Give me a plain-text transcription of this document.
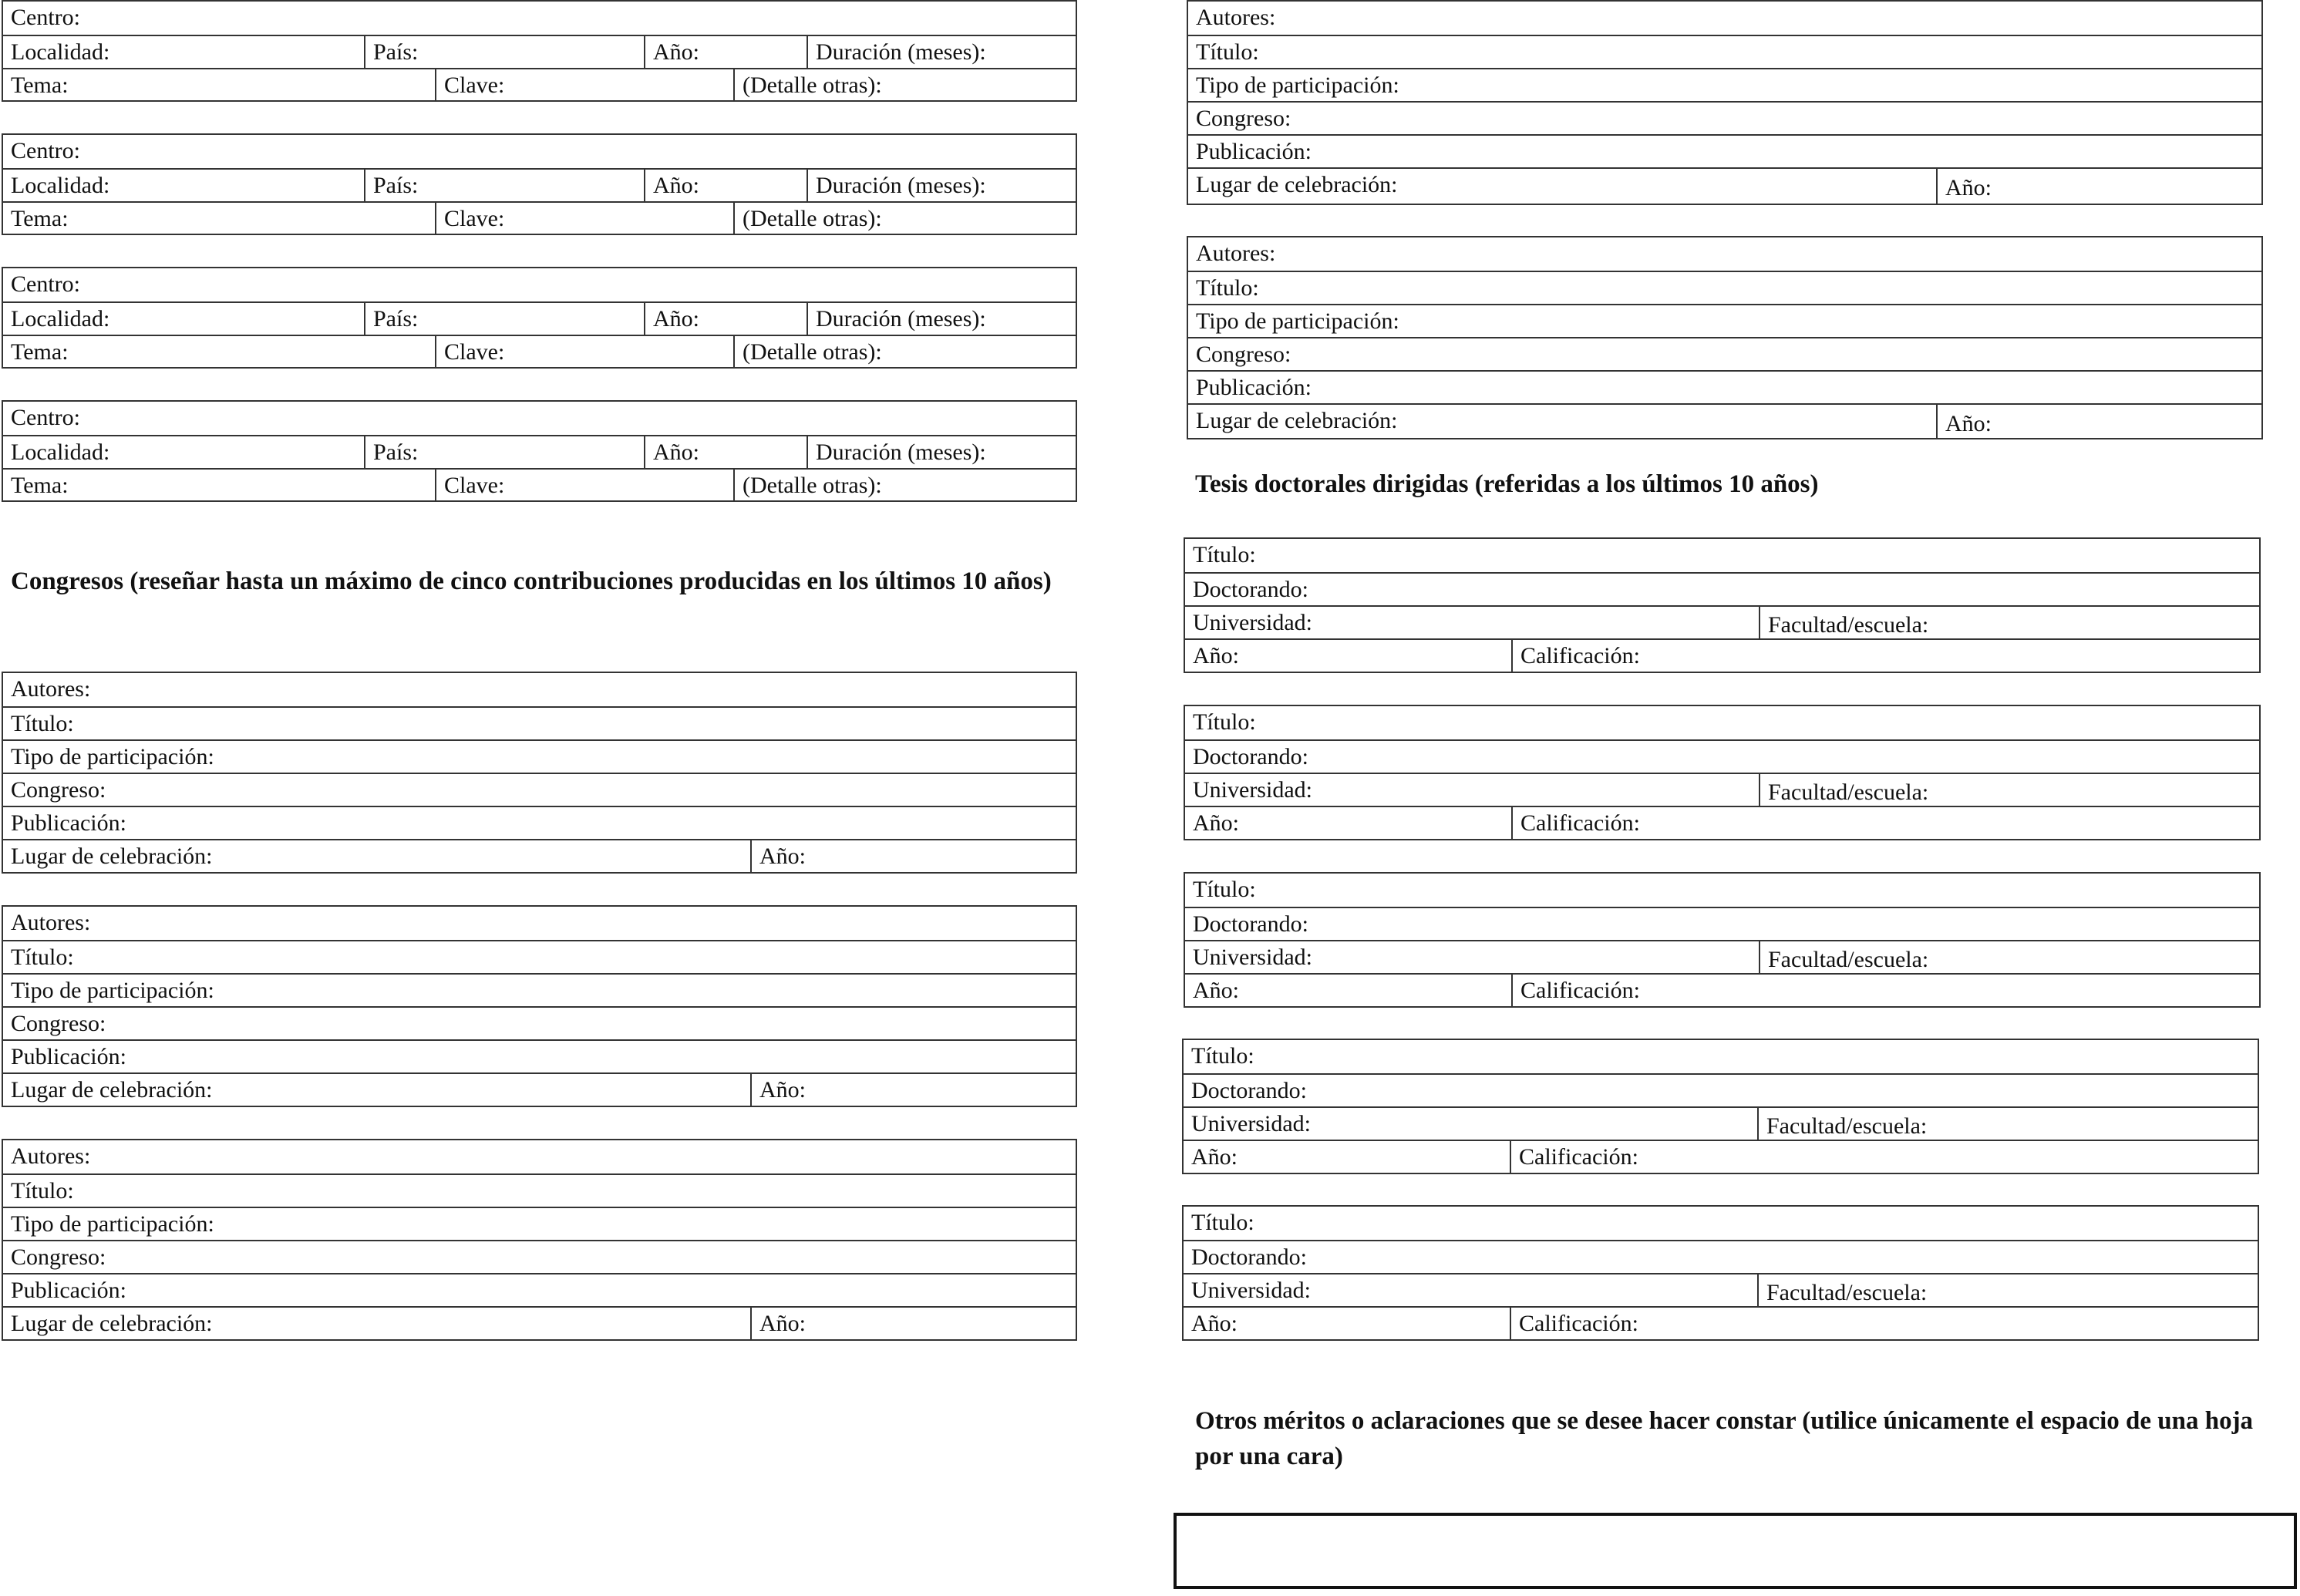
Centro:
Localidad:	País:	Año:	Duración (meses):
Tema:	Clave:	(Detalle otras):
Centro:
Localidad:	País:	Año:	Duración (meses):
Tema:	Clave:	(Detalle otras):
Centro:
Localidad:	País:	Año:	Duración (meses):
Tema:	Clave:	(Detalle otras):
Centro:
Localidad:	País:	Año:	Duración (meses):
Tema:	Clave:	(Detalle otras):

Congresos (reseñar hasta un máximo de cinco contribuciones producidas en los últimos 10 años)

Autores:
Título:
Tipo de participación:
Congreso:
Publicación:
Lugar de celebración:	Año:
Autores:
Título:
Tipo de participación:
Congreso:
Publicación:
Lugar de celebración:	Año:
Autores:
Título:
Tipo de participación:
Congreso:
Publicación:
Lugar de celebración:	Año:
Autores:
Título:
Tipo de participación:
Congreso:
Publicación:
Lugar de celebración:	Año:
Autores:
Título:
Tipo de participación:
Congreso:
Publicación:
Lugar de celebración:	Año:

Tesis doctorales dirigidas (referidas a los últimos 10 años)

Título:
Doctorando:
Universidad:	Facultad/escuela:
Año:	Calificación:
Título:
Doctorando:
Universidad:	Facultad/escuela:
Año:	Calificación:
Título:
Doctorando:
Universidad:	Facultad/escuela:
Año:	Calificación:
Título:
Doctorando:
Universidad:	Facultad/escuela:
Año:	Calificación:
Título:
Doctorando:
Universidad:	Facultad/escuela:
Año:	Calificación:

Otros méritos o aclaraciones que se desee hacer constar (utilice únicamente el espacio de una hoja por una cara)
